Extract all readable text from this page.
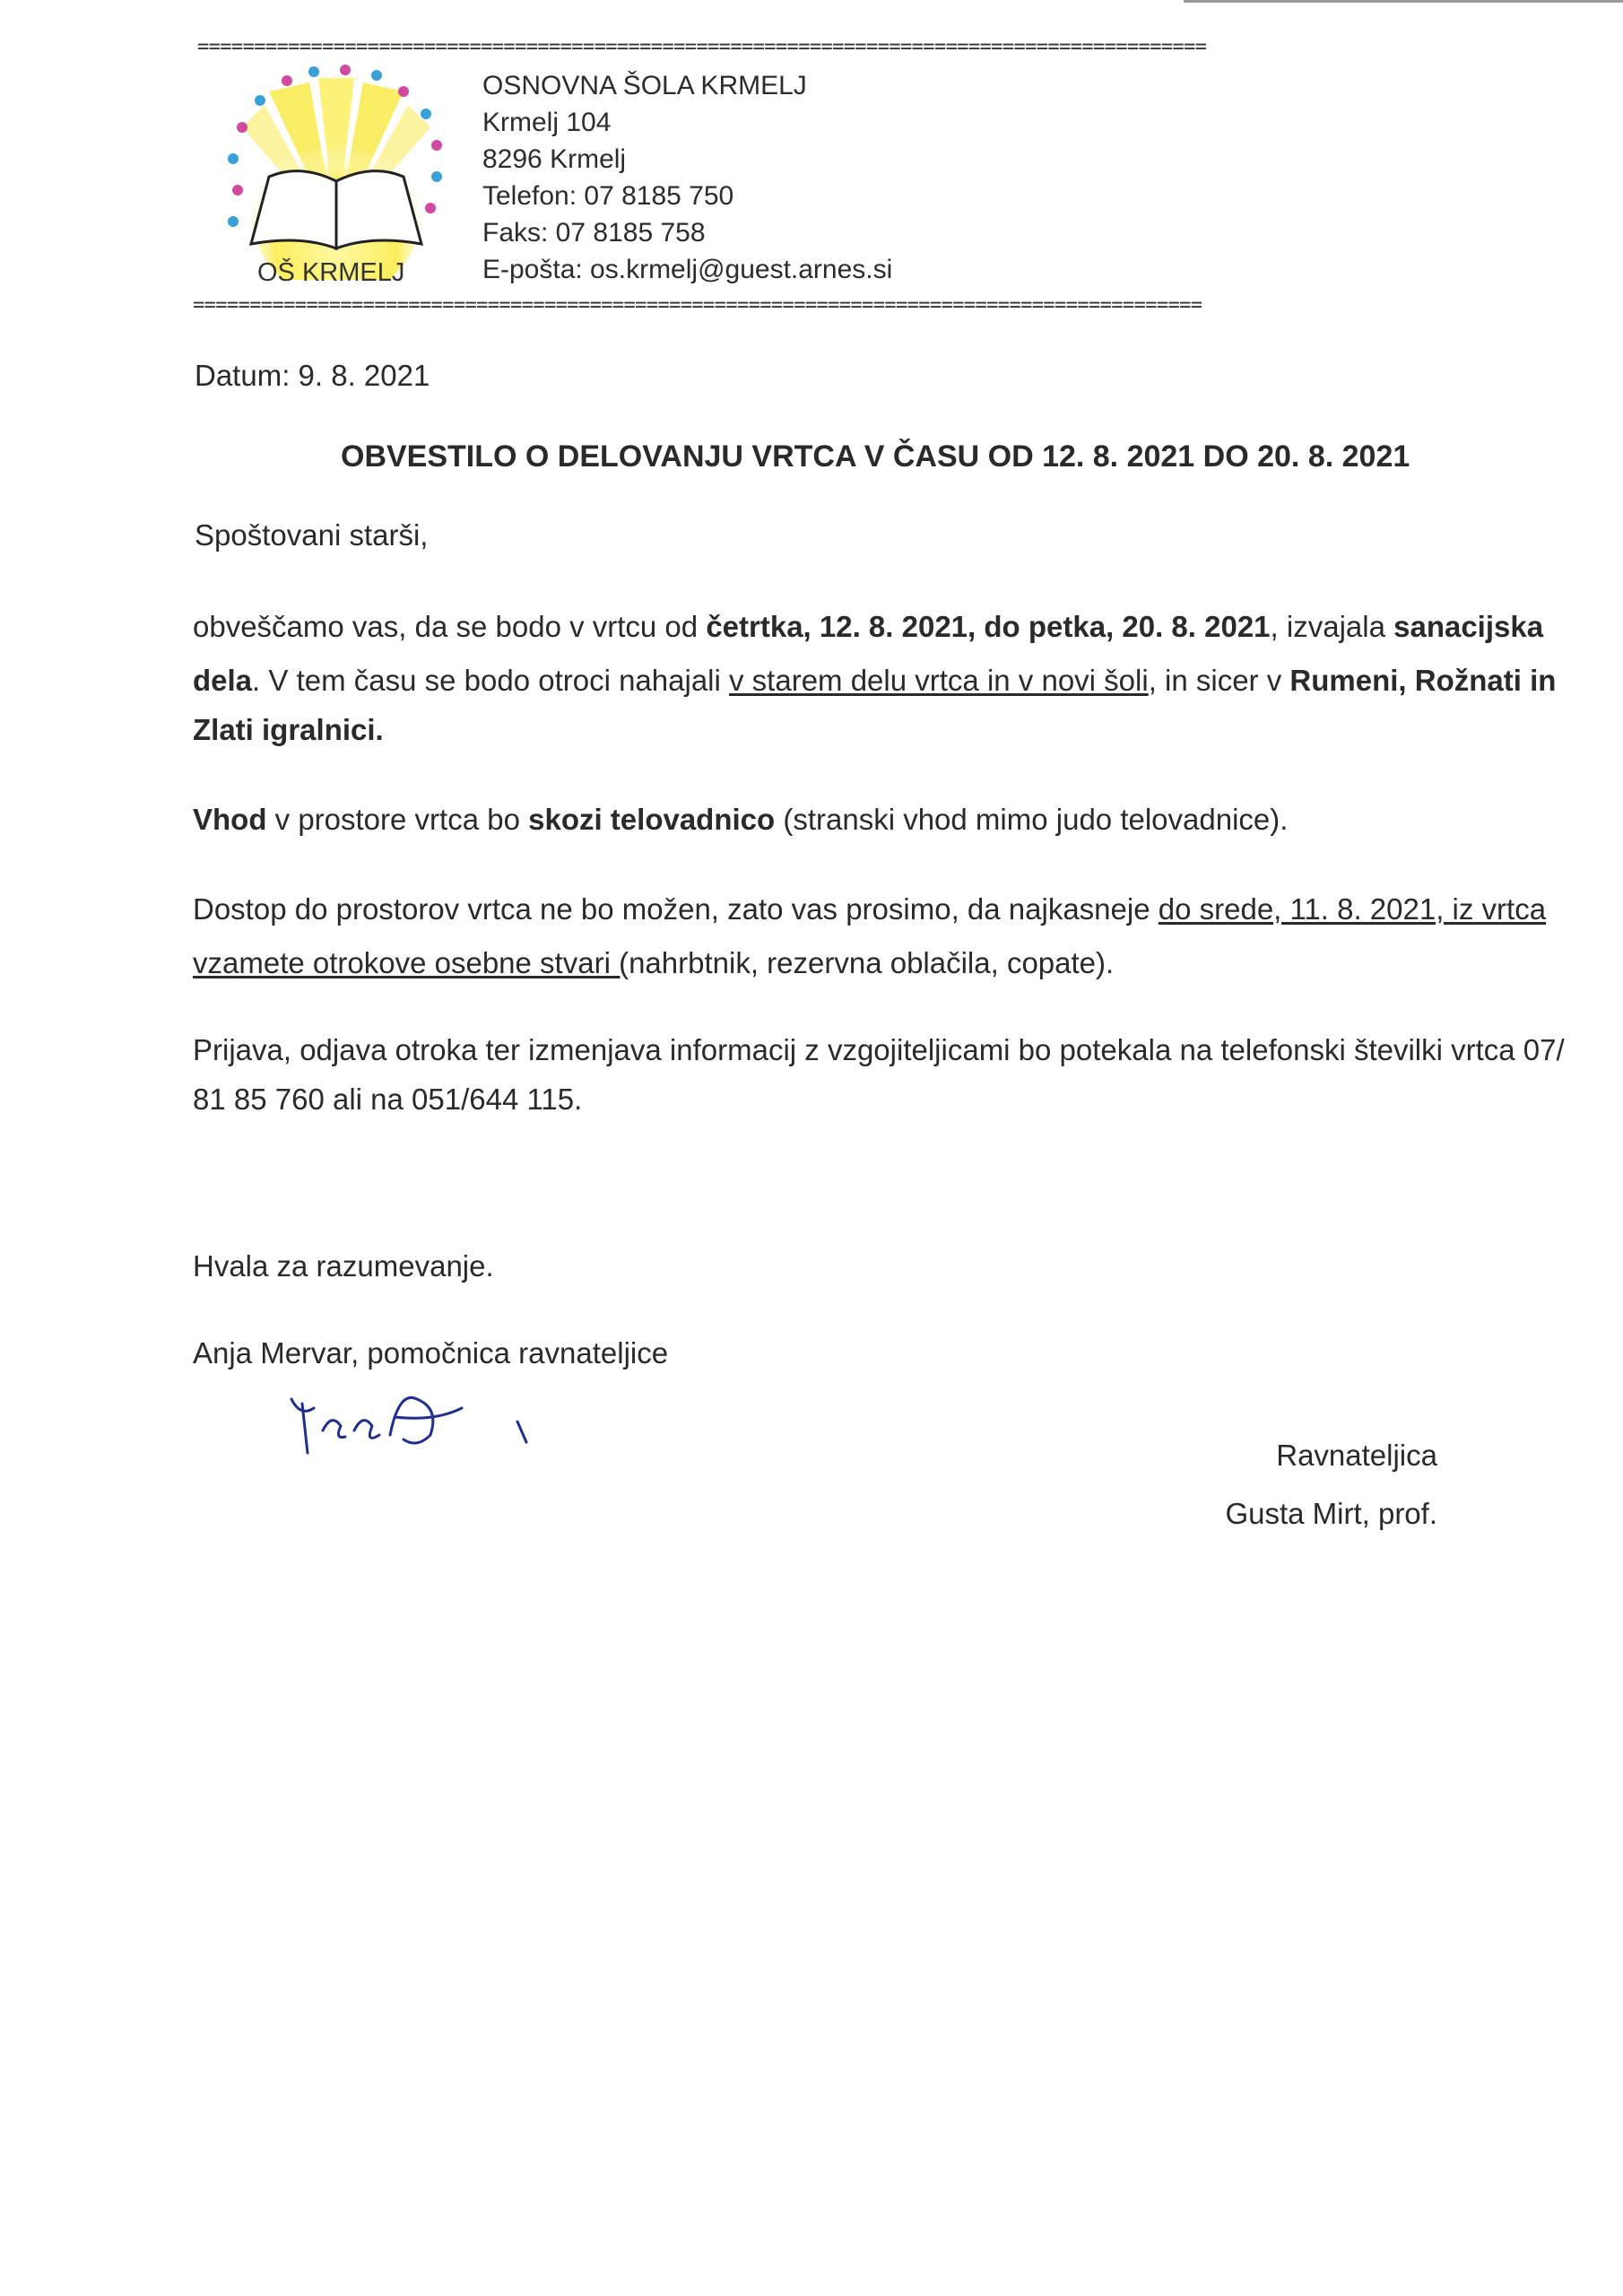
=========================================================================================
OŠ KRMELJ
OSNOVNA ŠOLA KRMELJ
Krmelj 104
8296 Krmelj
Telefon: 07 8185 750
Faks: 07 8185 758
E-pošta: os.krmelj@guest.arnes.si
=========================================================================================
Datum: 9. 8. 2021
OBVESTILO O DELOVANJU VRTCA V ČASU OD 12. 8. 2021 DO 20. 8. 2021
Spoštovani starši,
obveščamo vas, da se bodo v vrtcu od četrtka, 12. 8. 2021, do petka, 20. 8. 2021, izvajala sanacijska
dela. V tem času se bodo otroci nahajali v starem delu vrtca in v novi šoli, in sicer v Rumeni, Rožnati in
Zlati igralnici.
Vhod v prostore vrtca bo skozi telovadnico (stranski vhod mimo judo telovadnice).
Dostop do prostorov vrtca ne bo možen, zato vas prosimo, da najkasneje do srede, 11. 8. 2021, iz vrtca
vzamete otrokove osebne stvari (nahrbtnik, rezervna oblačila, copate).
Prijava, odjava otroka ter izmenjava informacij z vzgojiteljicami bo potekala na telefonski številki vrtca 07/
81 85 760 ali na 051/644 115.
Hvala za razumevanje.
Anja Mervar, pomočnica ravnateljice
Ravnateljica
Gusta Mirt, prof.
